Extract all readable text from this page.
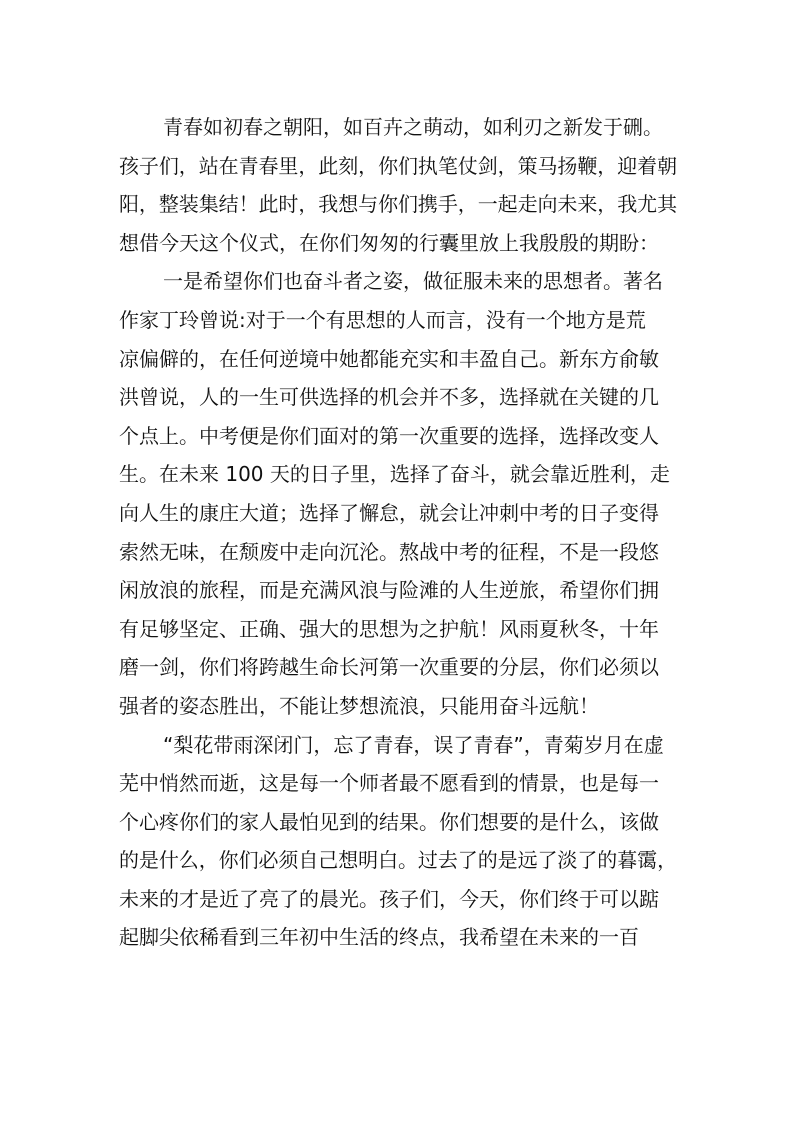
青春如初春之朝阳，如百卉之萌动，如利刃之新发于硎。
孩子们，站在青春里，此刻，你们执笔仗剑，策马扬鞭，迎着朝
阳，整装集结！此时，我想与你们携手，一起走向未来，我尤其
想借今天这个仪式，在你们匆匆的行囊里放上我殷殷的期盼：
一是希望你们也奋斗者之姿，做征服未来的思想者。著名
作家丁玲曾说:对于一个有思想的人而言，没有一个地方是荒
凉偏僻的，在任何逆境中她都能充实和丰盈自己。新东方俞敏
洪曾说，人的一生可供选择的机会并不多，选择就在关键的几
个点上。中考便是你们面对的第一次重要的选择，选择改变人
生。在未来 100 天的日子里，选择了奋斗，就会靠近胜利，走
向人生的康庄大道；选择了懈怠，就会让冲刺中考的日子变得
索然无味，在颓废中走向沉沦。熬战中考的征程，不是一段悠
闲放浪的旅程，而是充满风浪与险滩的人生逆旅，希望你们拥
有足够坚定、正确、强大的思想为之护航！风雨夏秋冬，十年
磨一剑，你们将跨越生命长河第一次重要的分层，你们必须以
强者的姿态胜出，不能让梦想流浪，只能用奋斗远航！
“梨花带雨深闭门，忘了青春，误了青春”，青菊岁月在虚
芜中悄然而逝，这是每一个师者最不愿看到的情景，也是每一
个心疼你们的家人最怕见到的结果。你们想要的是什么，该做
的是什么，你们必须自己想明白。过去了的是远了淡了的暮霭，
未来的才是近了亮了的晨光。孩子们，今天，你们终于可以踮
起脚尖依稀看到三年初中生活的终点，我希望在未来的一百
